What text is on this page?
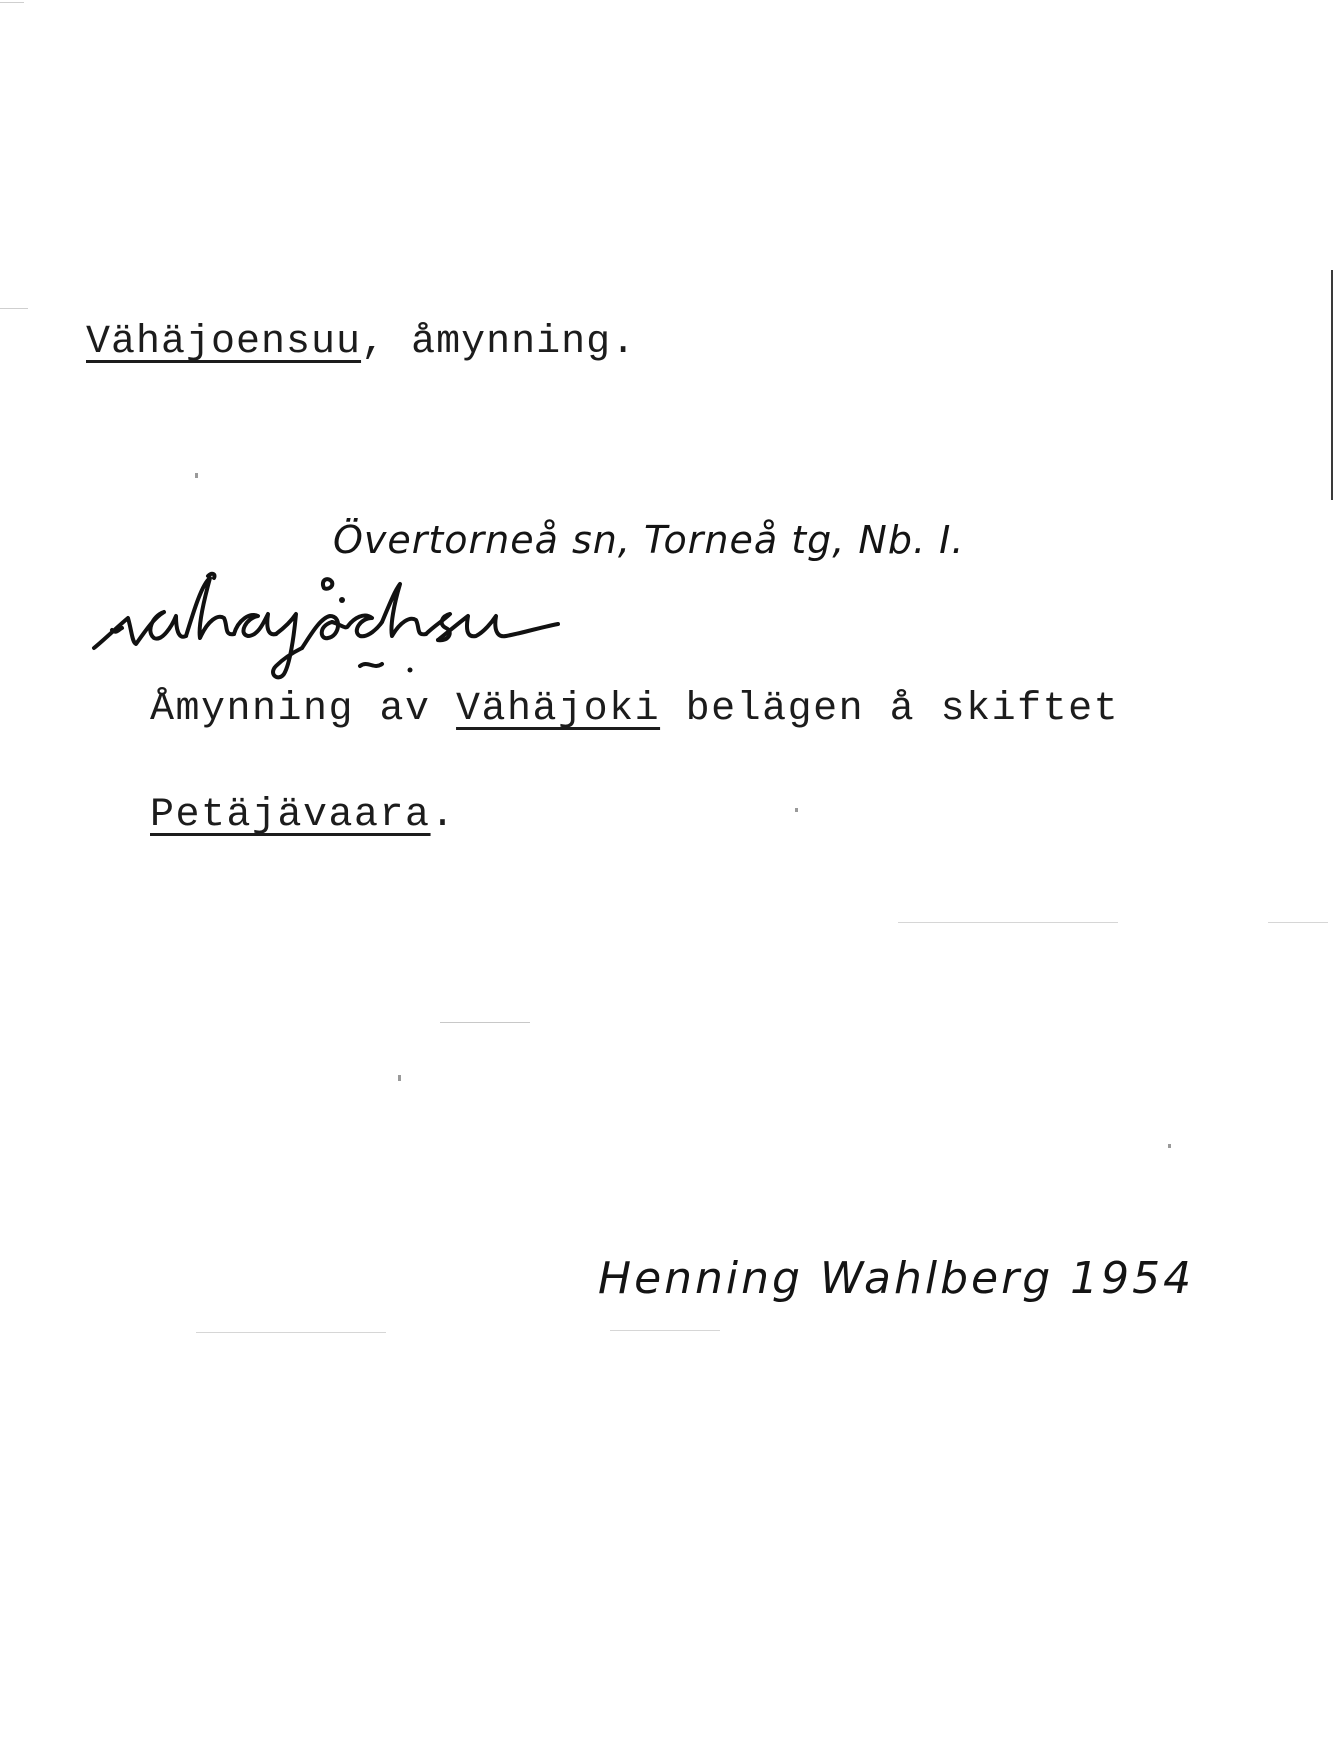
Vähäjoensuu, åmynning.
Övertorneå sn, Torneå tg, Nb. I.
Åmynning av Vähäjoki belägen å skiftet
Petäjävaara.
Henning Wahlberg 1954
